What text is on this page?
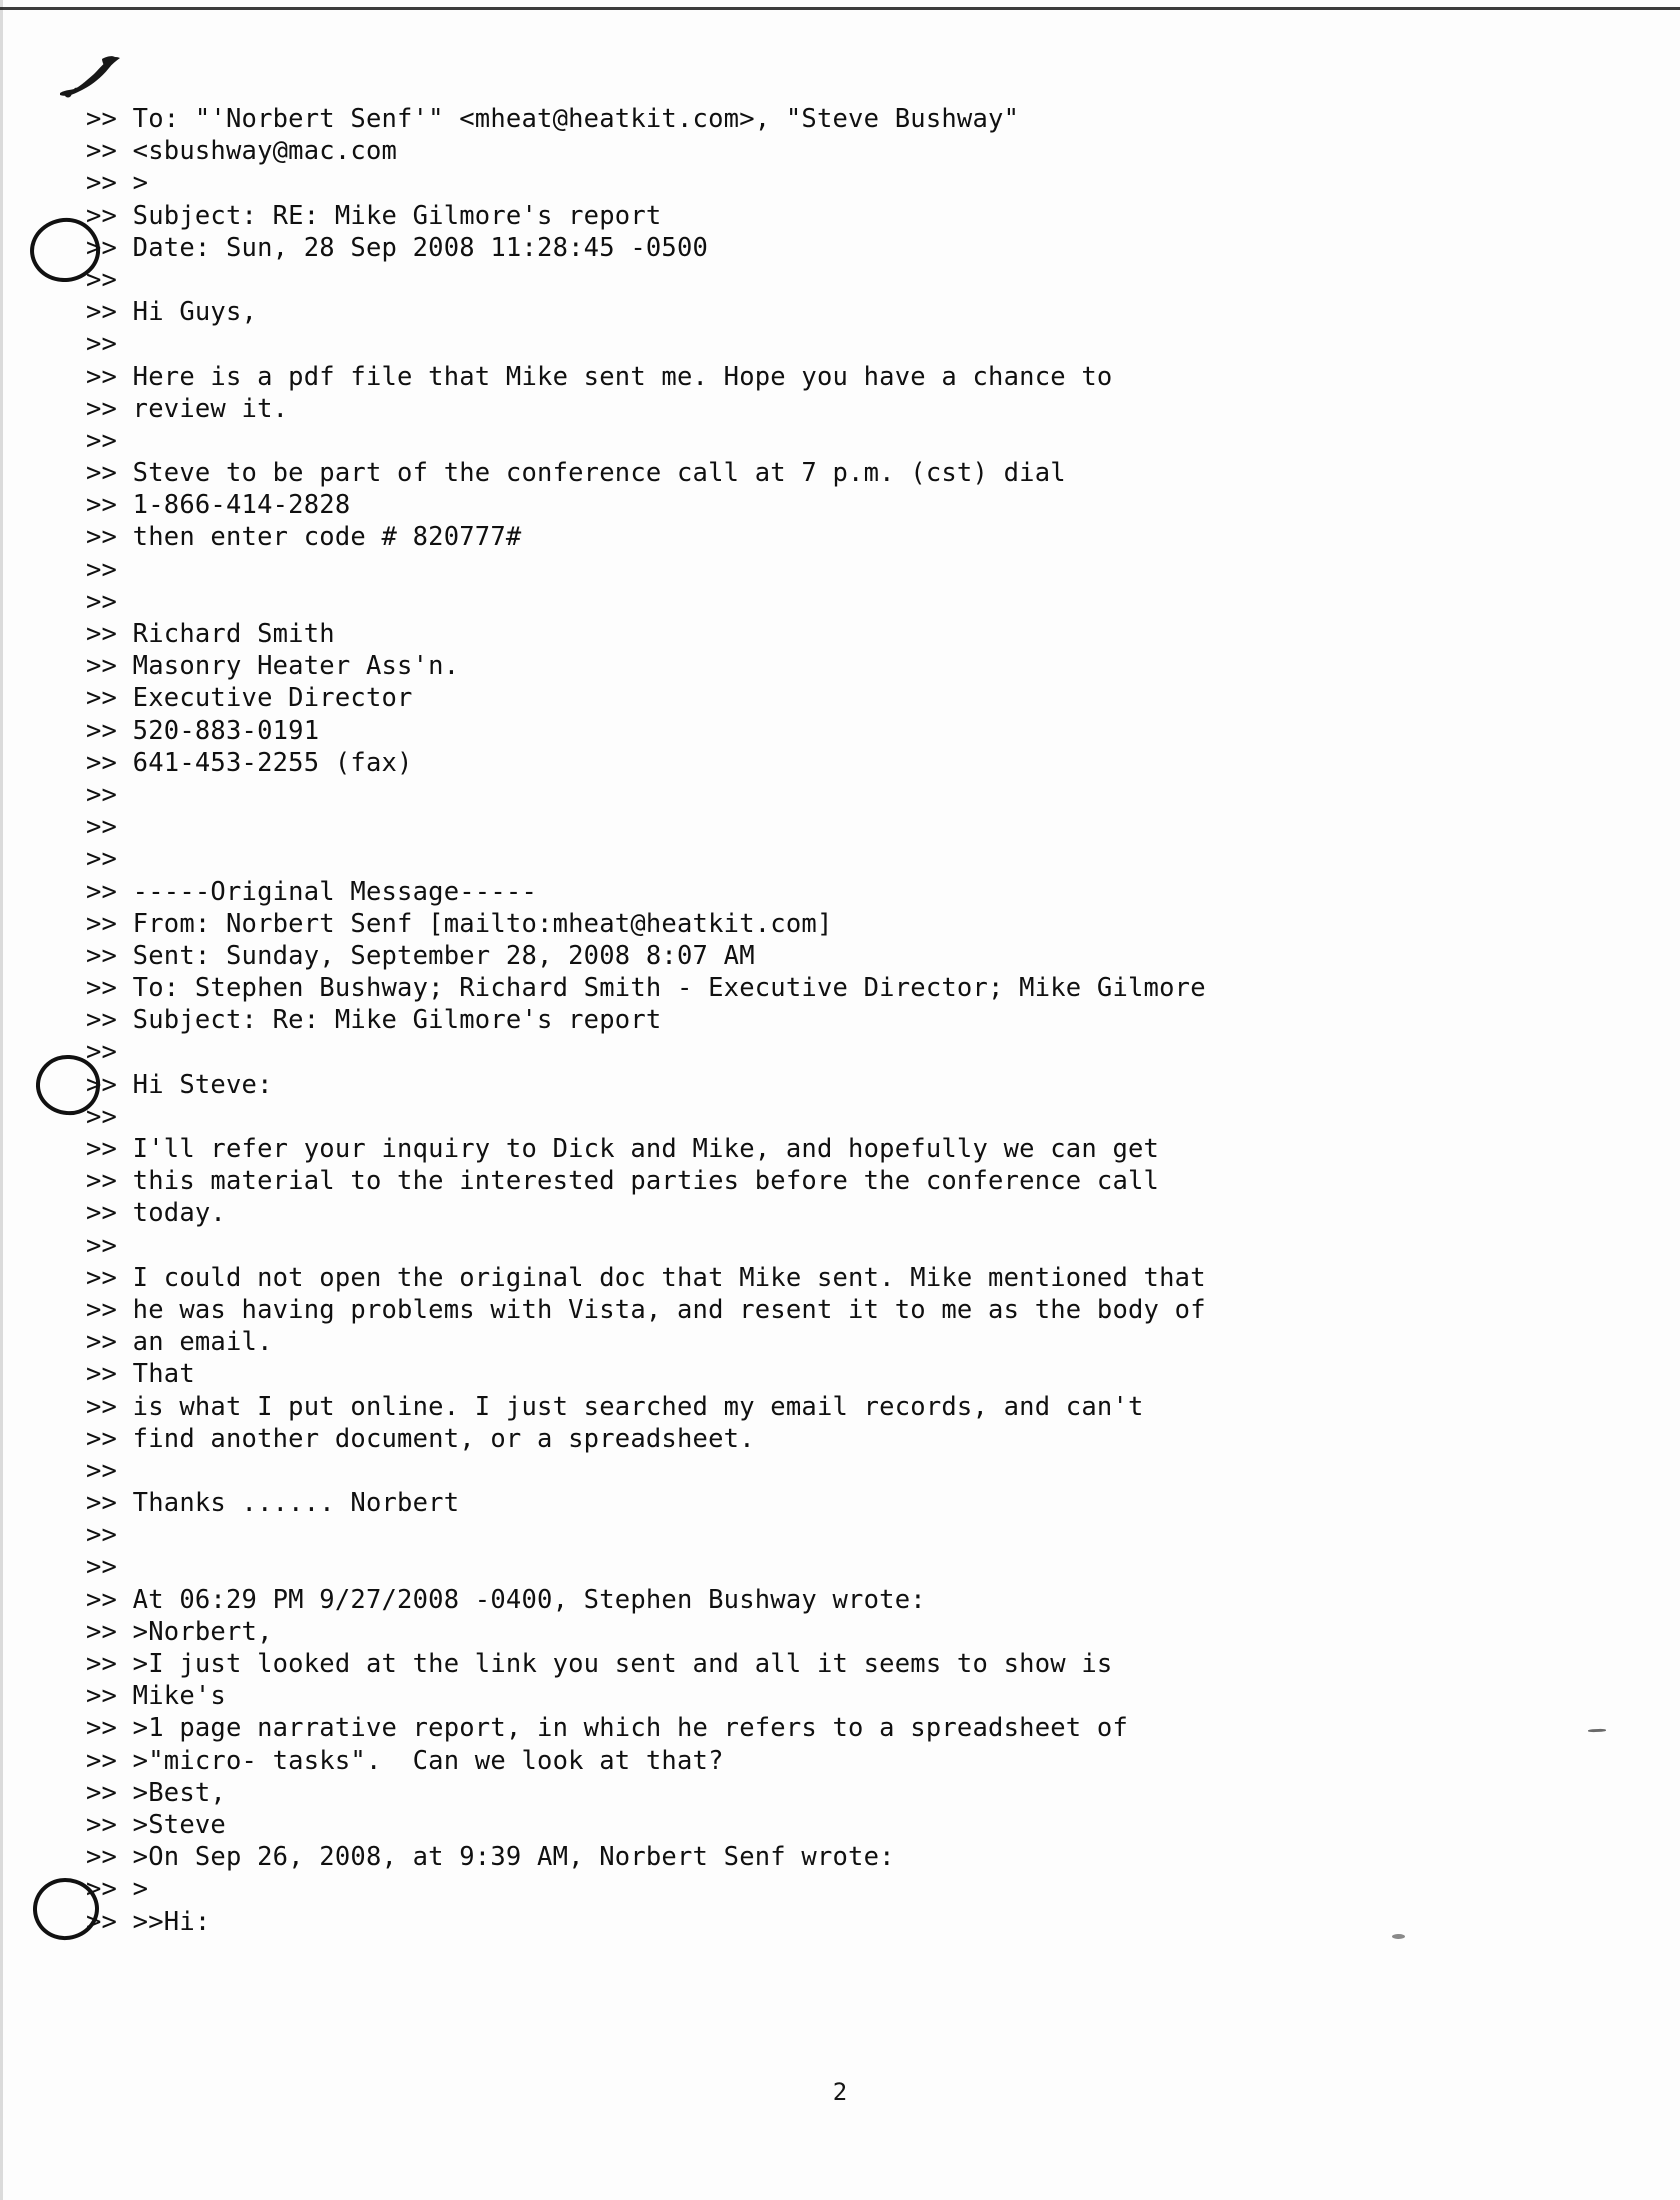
>> To: "'Norbert Senf'" <mheat@heatkit.com>, "Steve Bushway"
>> <sbushway@mac.com
>> >
>> Subject: RE: Mike Gilmore's report
>> Date: Sun, 28 Sep 2008 11:28:45 -0500
>>
>> Hi Guys,
>>
>> Here is a pdf file that Mike sent me. Hope you have a chance to
>> review it.
>>
>> Steve to be part of the conference call at 7 p.m. (cst) dial
>> 1-866-414-2828
>> then enter code # 820777#
>>
>>
>> Richard Smith
>> Masonry Heater Ass'n.
>> Executive Director
>> 520-883-0191
>> 641-453-2255 (fax)
>>
>>
>>
>> -----Original Message-----
>> From: Norbert Senf [mailto:mheat@heatkit.com]
>> Sent: Sunday, September 28, 2008 8:07 AM
>> To: Stephen Bushway; Richard Smith - Executive Director; Mike Gilmore
>> Subject: Re: Mike Gilmore's report
>>
>> Hi Steve:
>>
>> I'll refer your inquiry to Dick and Mike, and hopefully we can get
>> this material to the interested parties before the conference call
>> today.
>>
>> I could not open the original doc that Mike sent. Mike mentioned that
>> he was having problems with Vista, and resent it to me as the body of
>> an email.
>> That
>> is what I put online. I just searched my email records, and can't
>> find another document, or a spreadsheet.
>>
>> Thanks ...... Norbert
>>
>>
>> At 06:29 PM 9/27/2008 -0400, Stephen Bushway wrote:
>> >Norbert,
>> >I just looked at the link you sent and all it seems to show is
>> Mike's
>> >1 page narrative report, in which he refers to a spreadsheet of
>> >"micro- tasks".  Can we look at that?
>> >Best,
>> >Steve
>> >On Sep 26, 2008, at 9:39 AM, Norbert Senf wrote:
>> >
>> >>Hi:
2
